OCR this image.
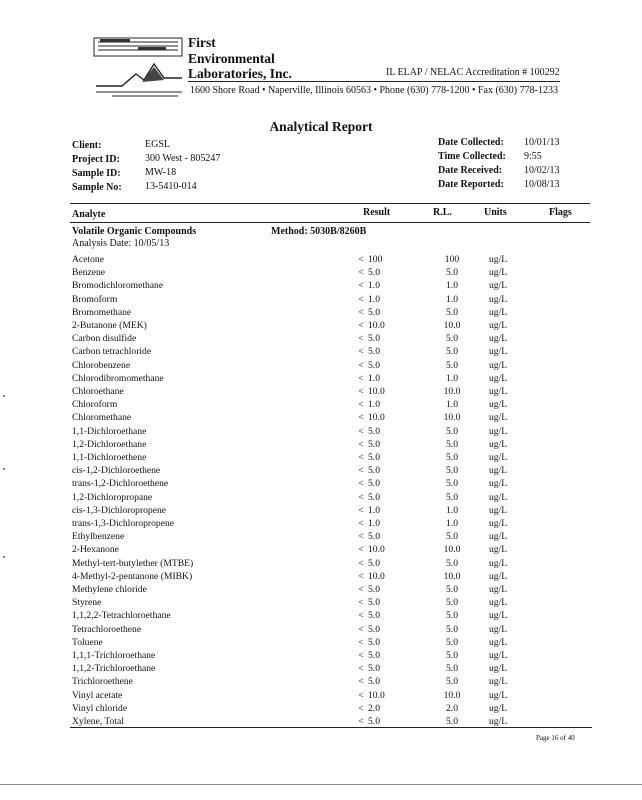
First
Environmental
Laboratories, Inc.	IL ELAP / NELAC Accreditation # 100292
1600 Shore Road • Naperville, Illinois 60563 • Phone (630) 778-1200 • Fax (630) 778-1233
Analytical Report
Client:	EGSL
Project ID:	300 West - 805247
Sample ID: MW-18
Sample No: 13-5410-014
Date Collected: 10/01/13
Time Collected: 9:55
Date Received: 10/02/13
Date Reported: 10/08/13
Analyte	Result	R.L.	Units	Flags
Volatile Organic Compounds	Method: 5030B/8260B
Analysis Date: 10/05/13
Acetone	< 100	100	ug/L
Benzene	< 5.0	5.0	ug/L
Bromodichloromethane	< 1.0	1.0	ug/L
Bromoform	< 1.0	1.0	ug/L
Bromomethane	< 5.0	5.0	ug/L
2-Butanone (MEK)	< 10.0	10.0	ug/L
Carbon disulfide	< 5.0	5.0	ug/L
Carbon tetrachloride	< 5.0	5.0	ug/L
Chlorobenzene	< 5.0	5.0	ug/L
Chlorodibromomethane	< 1.0	1.0	ug/L
Chloroethane	< 10.0	10.0	ug/L
Chloroform	< 1.0	1.0	ug/L
Chloromethane	< 10.0	10.0	ug/L
1,1-Dichloroethane	< 5.0	5.0	ug/L
1,2-Dichloroethane	< 5.0	5.0	ug/L
1,1-Dichloroethene	< 5.0	5.0	ug/L
cis-1,2-Dichloroethene	< 5.0	5.0	ug/L
trans-1,2-Dichloroethene	< 5.0	5.0	ug/L
1,2-Dichloropropane	< 5.0	5.0	ug/L
cis-1,3-Dichloropropene	< 1.0	1.0	ug/L
trans-1,3-Dichloropropene	< 1.0	1.0	ug/L
Ethylbenzene	< 5.0	5.0	ug/L
2-Hexanone	< 10.0	10.0	ug/L
Methyl-tert-butylether (MTBE)	< 5.0	5.0	ug/L
4-Methyl-2-pentanone (MIBK)	< 10.0	10.0	ug/L
Methylene chloride	< 5.0	5.0	ug/L
Styrene	< 5.0	5.0	ug/L
1,1,2,2-Tetrachloroethane	< 5.0	5.0	ug/L
Tetrachloroethene	< 5.0	5.0	ug/L
Toluene	< 5.0	5.0	ug/L
1,1,1-Trichloroethane	< 5.0	5.0	ug/L
1,1,2-Trichloroethane	< 5.0	5.0	ug/L
Trichloroethene	< 5.0	5.0	ug/L
Vinyl acetate	< 10.0	10.0	ug/L
Vinyl chloride	< 2.0	2.0	ug/L
Xylene, Total	< 5.0	5.0	ug/L
Page 16 of 40
